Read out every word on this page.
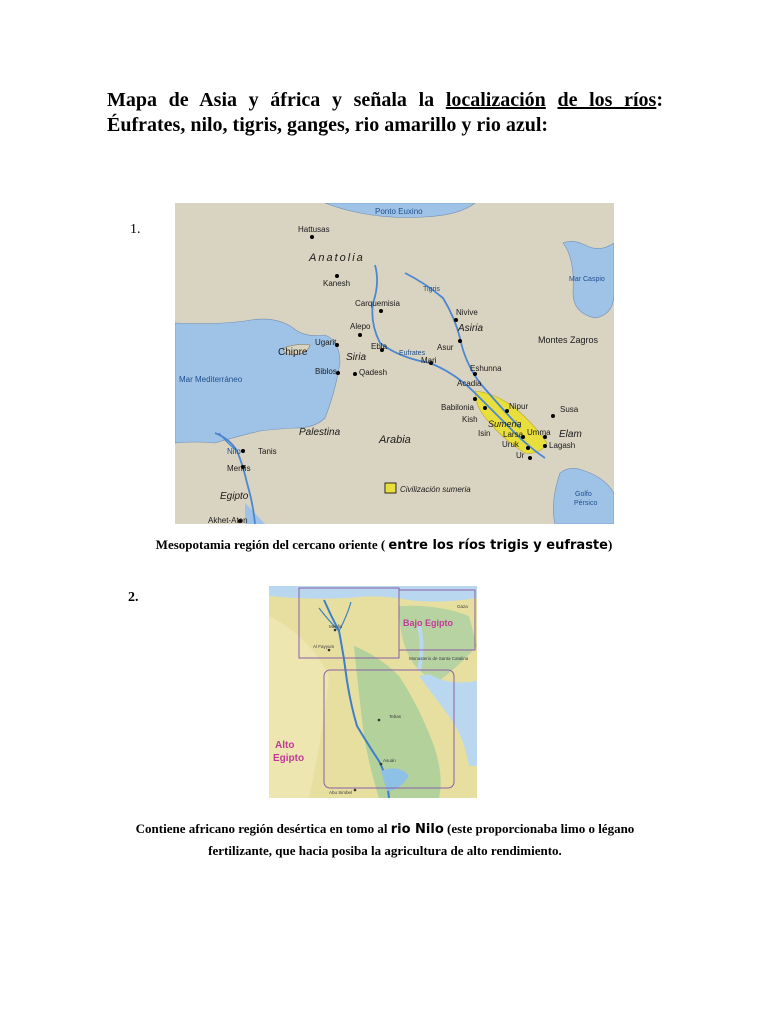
Mapa de Asia y áfrica y señala la localización de los ríos: Éufrates, nilo, tigris, ganges, rio amarillo y rio azul:
1.
Ponto Euxino
Hattusas
Anatolia
Kanesh
Carquemisia
Tigris
Nivive
Asiria
Mar Caspio
Alepo
Ebla
Ugarit
Chipre	Siria	Eufrates
Mari
Asur
Montes Zagros
Mar Mediterráneo
Biblos	Qadesh	Eshunna
Acadia
Babilonia	Nipur	Susa
Kish Sumeria
Isin Larsa Umma Elam
Uruk	Lagash
Ur
Palestina
Arabia
Nilo Tanis
Menfis
Egipto	Golfo
Pérsico
Akhet-Aton
Civilización sumeria
Mesopotamia región del cercano oriente ( entre los ríos trigis y eufraste)
2.
Bajo Egipto
Alto
Egipto
Gaza
Al Fayyum
Menfis
Monasterio de Santa Catalina
Tebas
Asuán
Abu Simbel
Contiene africano región desértica en tomo al rio Nilo (este proporcionaba limo o légano fertilizante, que hacia posiba la agricultura de alto rendimiento.
